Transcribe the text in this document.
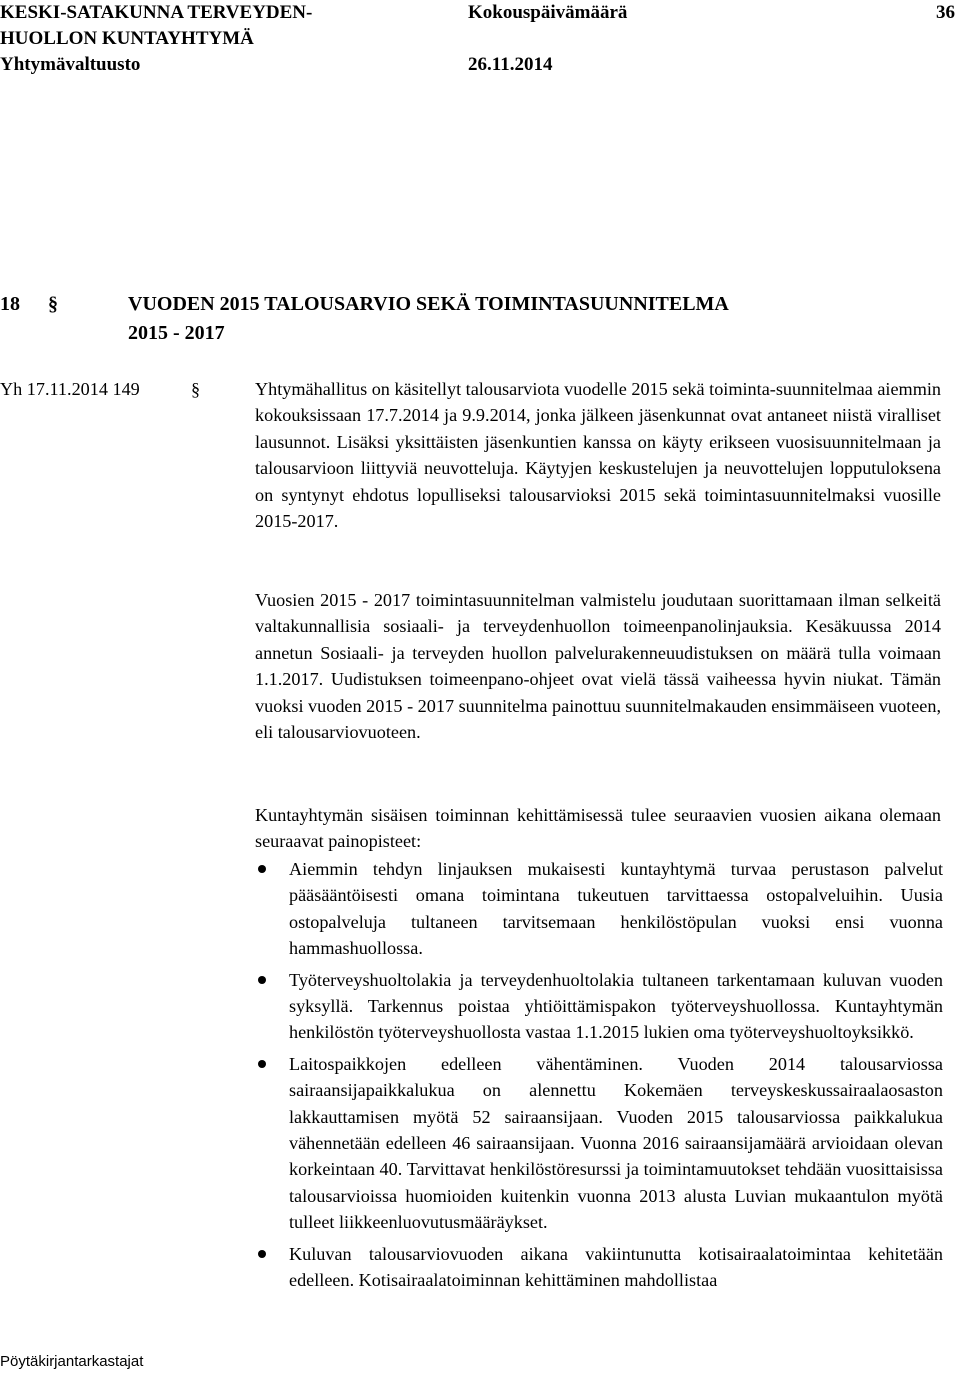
KESKI-SATAKUNNA TERVEYDEN-
HUOLLON KUNTAYHTYMÄ
Yhtymävaltuusto
Kokouspäivämäärä
26.11.2014
36
18 §	VUODEN 2015 TALOUSARVIO SEKÄ TOIMINTASUUNNITELMA
2015 - 2017
Yh 17.11.2014 149	§	Yhtymähallitus on käsitellyt talousarviota vuodelle 2015 sekä toiminta-suunnitelmaa aiemmin kokouksissaan 17.7.2014 ja 9.9.2014, jonka jälkeen jäsenkunnat ovat antaneet niistä viralliset lausunnot. Lisäksi yksittäisten jäsenkuntien kanssa on käyty erikseen vuosisuunnitelmaan ja talousarvioon liittyviä neuvotteluja. Käytyjen keskustelujen ja neuvottelujen lopputuloksena on syntynyt ehdotus lopulliseksi talousarvioksi 2015 sekä toimintasuunnitelmaksi vuosille 2015-2017.

Vuosien 2015 - 2017 toimintasuunnitelman valmistelu joudutaan suorittamaan ilman selkeitä valtakunnallisia sosiaali- ja terveydenhuollon toimeenpanolinjauksia. Kesäkuussa 2014 annetun Sosiaali- ja terveyden huollon palvelurakenneuudistuksen on määrä tulla voimaan 1.1.2017. Uudistuksen toimeenpano-ohjeet ovat vielä tässä vaiheessa hyvin niukat. Tämän vuoksi vuoden 2015 - 2017 suunnitelma painottuu suunnitelmakauden ensimmäiseen vuoteen, eli talousarviovuoteen.

Kuntayhtymän sisäisen toiminnan kehittämisessä tulee seuraavien vuosien aikana olemaan seuraavat painopisteet:

Aiemmin tehdyn linjauksen mukaisesti kuntayhtymä turvaa perustason palvelut pääsääntöisesti omana toimintana tukeutuen tarvittaessa ostopalveluihin. Uusia ostopalveluja tultaneen tarvitsemaan henkilöstöpulan vuoksi ensi vuonna hammashuollossa.
Työterveyshuoltolakia ja terveydenhuoltolakia tultaneen tarkentamaan kuluvan vuoden syksyllä. Tarkennus poistaa yhtiöittämispakon työterveyshuollossa. Kuntayhtymän henkilöstön työterveyshuollosta vastaa 1.1.2015 lukien oma työterveyshuoltoyksikkö.
Laitospaikkojen edelleen vähentäminen. Vuoden 2014 talousarviossa sairaansijapaikkalukua on alennettu Kokemäen terveyskeskussairaalaosaston lakkauttamisen myötä 52 sairaansijaan. Vuoden 2015 talousarviossa paikkalukua vähennetään edelleen 46 sairaansijaan. Vuonna 2016 sairaansijamäärä arvioidaan olevan korkeintaan 40. Tarvittavat henkilöstöresurssi ja toimintamuutokset tehdään vuosittaisissa talousarvioissa huomioiden kuitenkin vuonna 2013 alusta Luvian mukaantulon myötä tulleet liikkeenluovutusmääräykset.
Kuluvan talousarviovuoden aikana vakiintunutta kotisairaalatoimintaa kehitetään edelleen. Kotisairaalatoiminnan kehittäminen mahdollistaa
Pöytäkirjantarkastajat
